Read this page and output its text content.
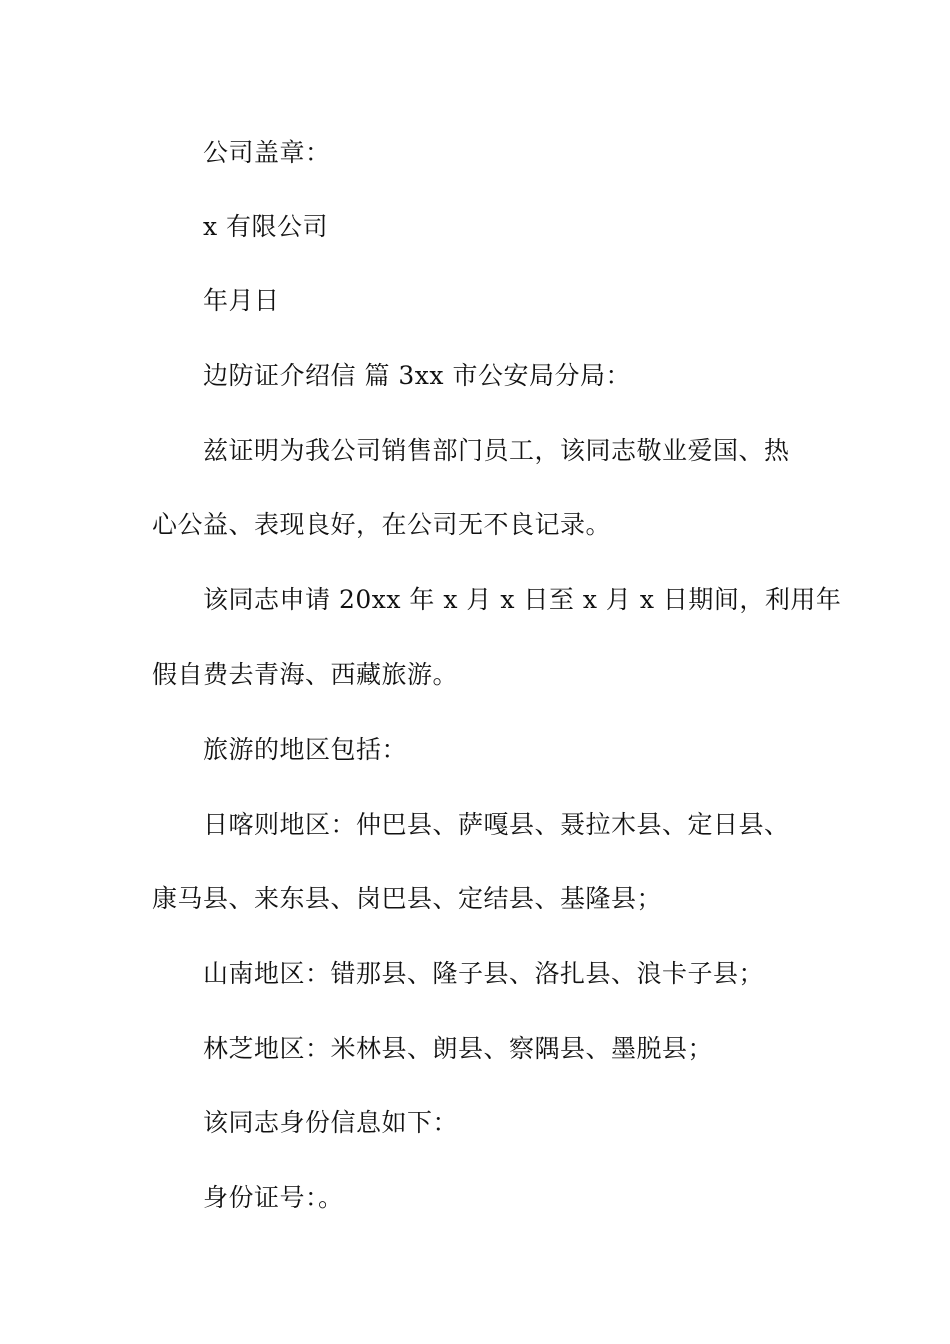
公司盖章：
x 有限公司
年月日
边防证介绍信 篇 3xx 市公安局分局：
兹证明为我公司销售部门员工，该同志敬业爱国、热
心公益、表现良好，在公司无不良记录。
该同志申请 20xx 年 x 月 x 日至 x 月 x 日期间，利用年
假自费去青海、西藏旅游。
旅游的地区包括：
日喀则地区：仲巴县、萨嘎县、聂拉木县、定日县、
康马县、来东县、岗巴县、定结县、基隆县；
山南地区：错那县、隆子县、洛扎县、浪卡子县；
林芝地区：米林县、朗县、察隅县、墨脱县；
该同志身份信息如下：
身份证号：。
